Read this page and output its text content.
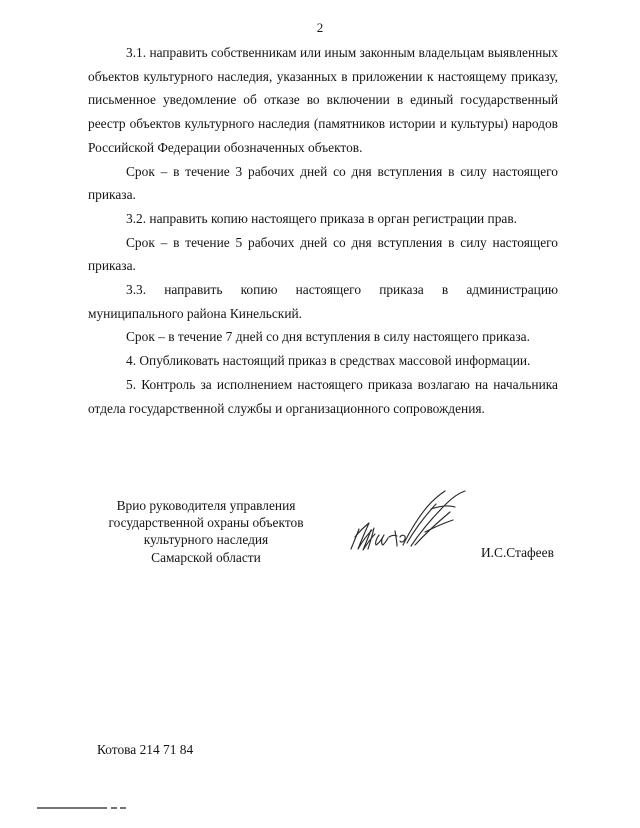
2

3.1. направить собственникам или иным законным владельцам выявленных объектов культурного наследия, указанных в приложении к настоящему приказу, письменное уведомление об отказе во включении в единый государственный реестр объектов культурного наследия (памятников истории и культуры) народов Российской Федерации обозначенных объектов.

Срок – в течение 3 рабочих дней со дня вступления в силу настоящего приказа.

3.2. направить копию настоящего приказа в орган регистрации прав.

Срок – в течение 5 рабочих дней со дня вступления в силу настоящего приказа.

3.3. направить копию настоящего приказа в администрацию муниципального района Кинельский.

Срок – в течение 7 дней со дня вступления в силу настоящего приказа.

4. Опубликовать настоящий приказ в средствах массовой информации.

5. Контроль за исполнением настоящего приказа возлагаю на начальника отдела государственной службы и организационного сопровождения.

Врио руководителя управления
государственной охраны объектов
культурного наследия
Самарской области	И.С.Стафеев
Котова 214 71 84
